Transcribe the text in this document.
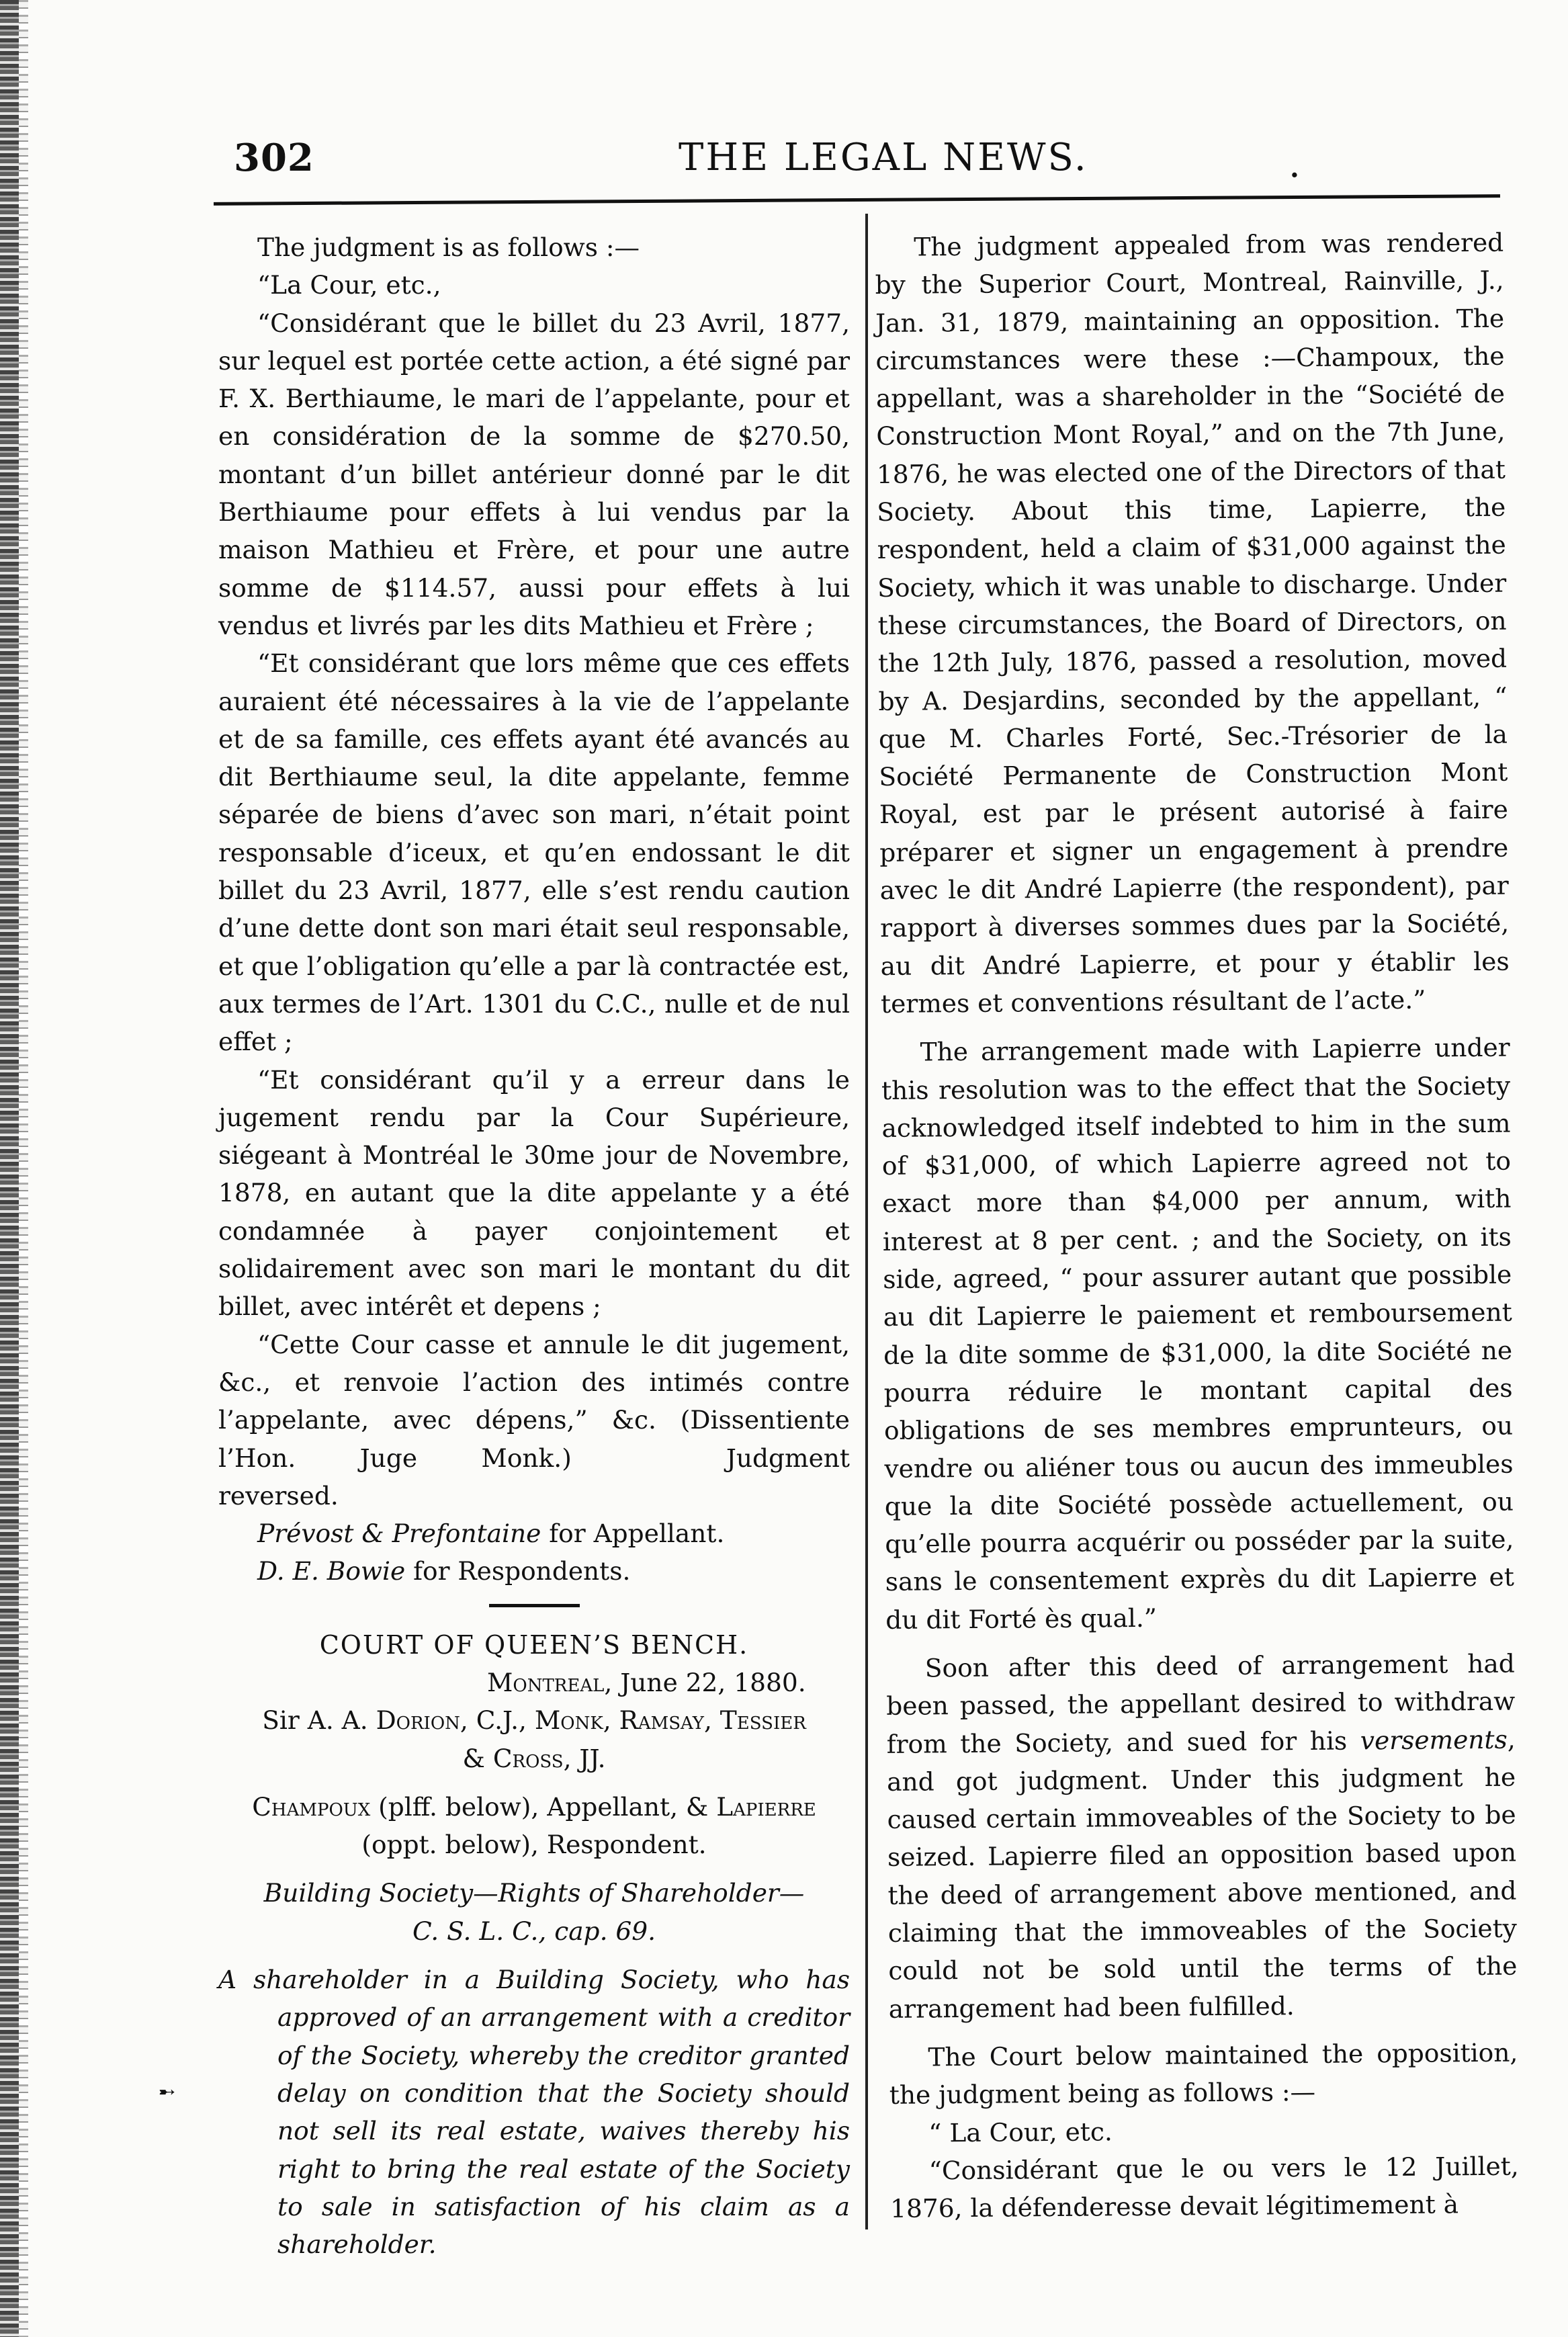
302	THE LEGAL NEWS.	.

The judgment is as follows :—

“La Cour, etc.,

“Considérant que le billet du 23 Avril, 1877, sur lequel est portée cette action, a été signé par F. X. Berthiaume, le mari de l’appelante, pour et en considération de la somme de $270.50, montant d’un billet antérieur donné par le dit Berthiaume pour effets à lui vendus par la maison Mathieu et Frère, et pour une autre somme de $114.57, aussi pour effets à lui vendus et livrés par les dits Mathieu et Frère ;

“Et considérant que lors même que ces effets auraient été nécessaires à la vie de l’appelante et de sa famille, ces effets ayant été avancés au dit Berthiaume seul, la dite appelante, femme séparée de biens d’avec son mari, n’était point responsable d’iceux, et qu’en endossant le dit billet du 23 Avril, 1877, elle s’est rendu caution d’une dette dont son mari était seul responsable, et que l’obligation qu’elle a par là contractée est, aux termes de l’Art. 1301 du C.C., nulle et de nul effet ;

“Et considérant qu’il y a erreur dans le jugement rendu par la Cour Supérieure, siégeant à Montréal le 30me jour de Novembre, 1878, en autant que la dite appelante y a été condamnée à payer conjointement et solidairement avec son mari le montant du dit billet, avec intérêt et depens ;

“Cette Cour casse et annule le dit jugement, &c., et renvoie l’action des intimés contre l’appelante, avec dépens,” &c. (Dissentiente l’Hon. Juge Monk.)	Judgment reversed.

Prévost & Prefontaine for Appellant.

D. E. Bowie for Respondents.

COURT OF QUEEN’S BENCH.

Montreal, June 22, 1880.

Sir A. A. Dorion, C.J., Monk, Ramsay, Tessier
& Cross, JJ.

Champoux (plff. below), Appellant, & Lapierre
(oppt. below), Respondent.

Building Society—Rights of Shareholder—

C. S. L. C., cap. 69.

A shareholder in a Building Society, who has approved of an arrangement with a creditor of the Society, whereby the creditor granted delay on condition that the Society should not sell its real estate, waives thereby his right to bring the real estate of the Society to sale in satisfaction of his claim as a shareholder.

The judgment appealed from was rendered by the Superior Court, Montreal, Rainville, J., Jan. 31, 1879, maintaining an opposition. The circumstances were these :—Champoux, the appellant, was a shareholder in the “Société de Construction Mont Royal,” and on the 7th June, 1876, he was elected one of the Directors of that Society. About this time, Lapierre, the respondent, held a claim of $31,000 against the Society, which it was unable to discharge. Under these circumstances, the Board of Directors, on the 12th July, 1876, passed a resolution, moved by A. Desjardins, seconded by the appellant, “ que M. Charles Forté, Sec.-Trésorier de la Société Permanente de Construction Mont Royal, est par le présent autorisé à faire préparer et signer un engagement à prendre avec le dit André Lapierre (the respondent), par rapport à diverses sommes dues par la Société, au dit André Lapierre, et pour y établir les termes et conventions résultant de l’acte.”

The arrangement made with Lapierre under this resolution was to the effect that the Society acknowledged itself indebted to him in the sum of $31,000, of which Lapierre agreed not to exact more than $4,000 per annum, with interest at 8 per cent. ; and the Society, on its side, agreed, “ pour assurer autant que possible au dit Lapierre le paiement et remboursement de la dite somme de $31,000, la dite Société ne pourra réduire le montant capital des obligations de ses membres emprunteurs, ou vendre ou aliéner tous ou aucun des immeubles que la dite Société possède actuellement, ou qu’elle pourra acquérir ou posséder par la suite, sans le consentement exprès du dit Lapierre et du dit Forté ès qual.”

Soon after this deed of arrangement had been passed, the appellant desired to withdraw from the Society, and sued for his versements, and got judgment. Under this judgment he caused certain immoveables of the Society to be seized. Lapierre filed an opposition based upon the deed of arrangement above mentioned, and claiming that the immoveables of the Society could not be sold until the terms of the arrangement had been fulfilled.

The Court below maintained the opposition, the judgment being as follows :—

“ La Cour, etc.

“Considérant que le ou vers le 12 Juillet, 1876, la défenderesse devait légitimement à

➸
